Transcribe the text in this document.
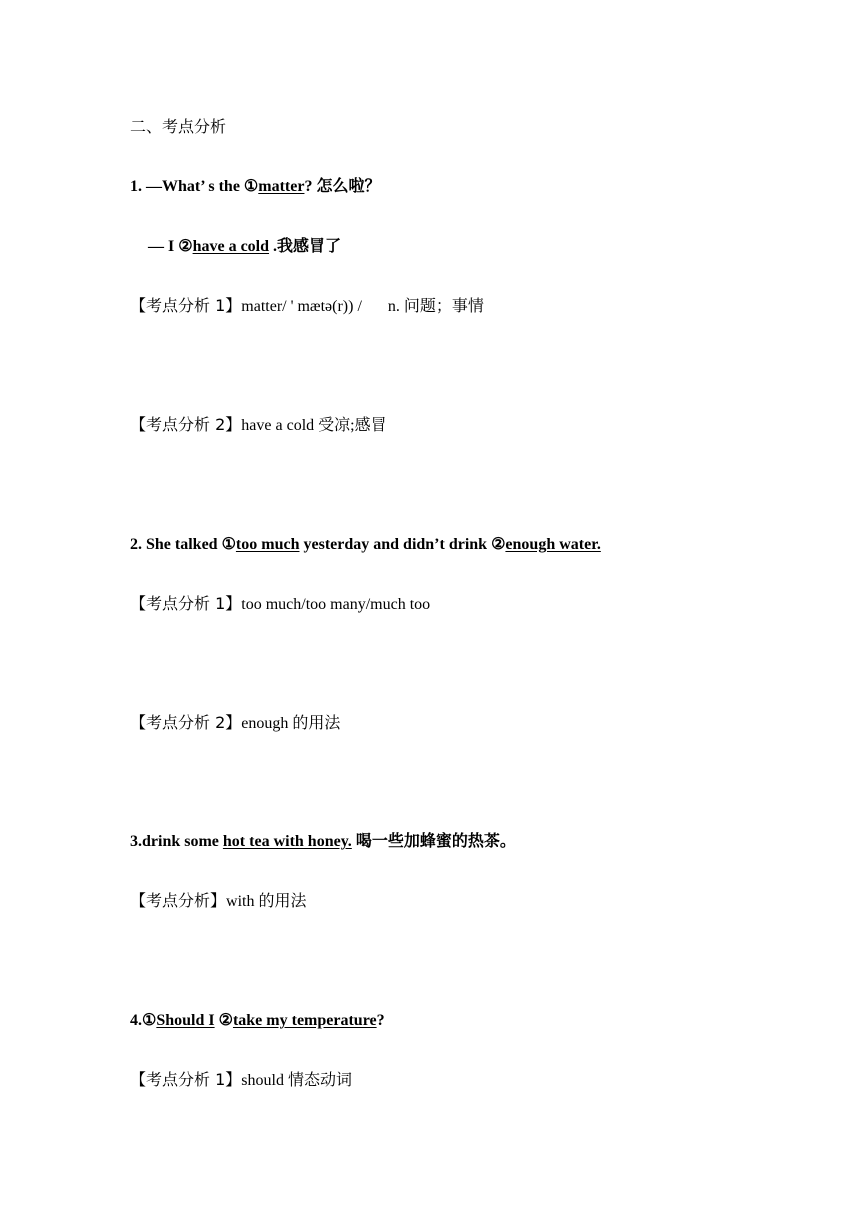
二、考点分析
1. —What’ s the ①matter? 怎么啦？
— I ②have a cold .我感冒了
【考点分析 1】matter/ ' mætə(r)) / n. 问题；事情
【考点分析 2】have a cold 受凉;感冒
2. She talked ①too much yesterday and didn’t drink ②enough water.
【考点分析 1】too much/too many/much too
【考点分析 2】enough 的用法
3.drink some hot tea with honey. 喝一些加蜂蜜的热茶。
【考点分析】with 的用法
4.①Should I ②take my temperature?
【考点分析 1】should 情态动词
